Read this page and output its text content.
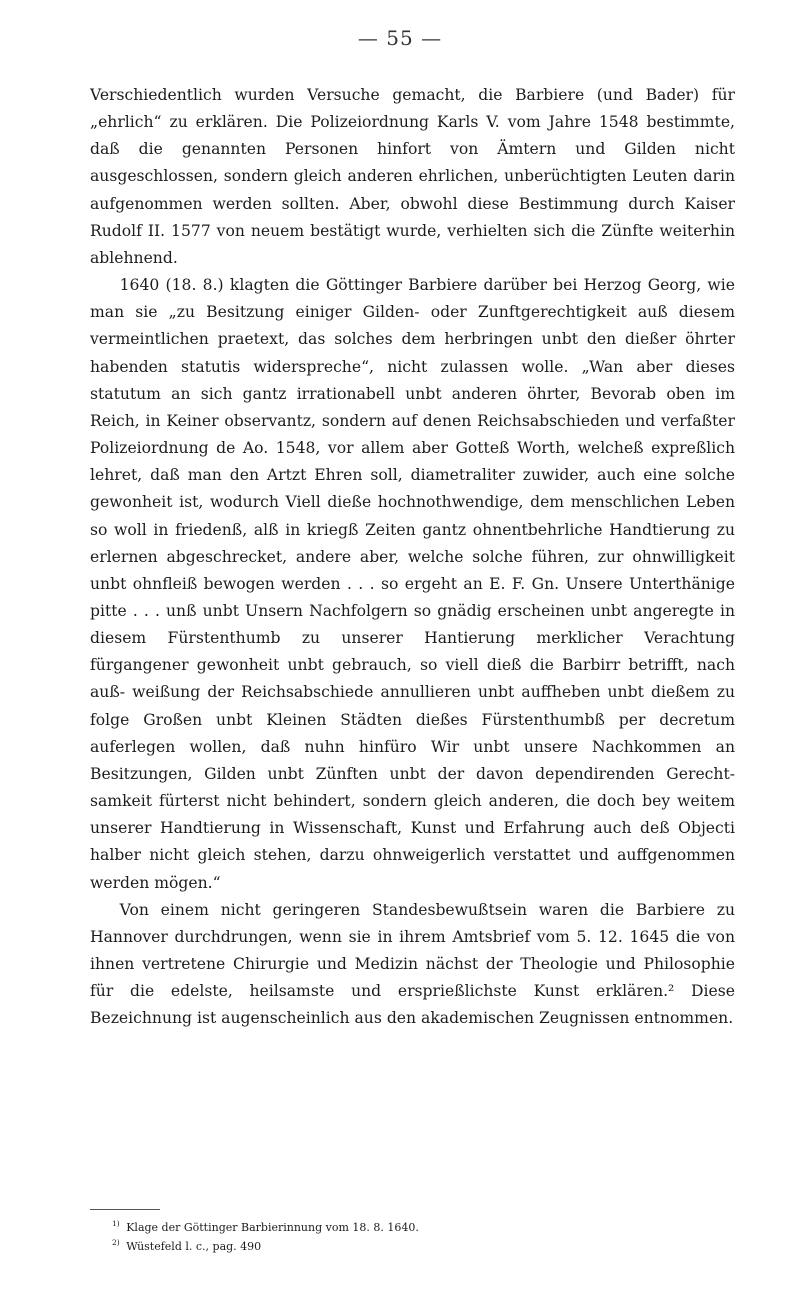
— 55 —

Verschiedentlich wurden Versuche gemacht, die Barbiere (und Bader) für „ehrlich“ zu erklären. Die Polizeiordnung Karls V. vom Jahre 1548 bestimmte, daß die genannten Personen hinfort von Ämtern und Gilden nicht ausgeschlossen, sondern gleich anderen ehrlichen, unberüchtigten Leuten darin aufgenommen werden sollten. Aber, obwohl diese Bestimmung durch Kaiser Rudolf II. 1577 von neuem bestätigt wurde, verhielten sich die Zünfte weiterhin ablehnend.

1640 (18. 8.) klagten die Göttinger Barbiere darüber bei Herzog Georg, wie man sie „zu Besitzung einiger Gilden- oder Zunftgerechtigkeit auß diesem vermeintlichen praetext, das solches dem herbringen unbt den dießer öhrter habenden statutis widerspreche“, nicht zulassen wolle. „Wan aber dieses statutum an sich gantz irrationabell unbt anderen öhrter, Bevorab oben im Reich, in Keiner observantz, sondern auf denen Reichsabschieden und verfaßter Polizeiordnung de Ao. 1548, vor allem aber Gotteß Worth, welcheß expreßlich lehret, daß man den Artzt Ehren soll, diametraliter zuwider, auch eine solche gewonheit ist, wodurch Viell dieße hochnothwendige, dem menschlichen Leben so woll in friedenß, alß in kriegß Zeiten gantz ohnentbehrliche Handtierung zu erlernen abgeschrecket, andere aber, welche solche führen, zur ohnwilligkeit unbt ohnfleiß bewogen werden . . . so ergeht an E. F. Gn. Unsere Unterthänige pitte . . . unß unbt Unsern Nachfolgern so gnädig erscheinen unbt angeregte in diesem Fürstenthumb zu unserer Hantierung merklicher Verachtung fürgangener gewonheit unbt gebrauch, so viell dieß die Barbirr betrifft, nach auß- weißung der Reichsabschiede annullieren unbt auffheben unbt dießem zu folge Großen unbt Kleinen Städten dießes Fürstenthumbß per decretum auferlegen wollen, daß nuhn hinfüro Wir unbt unsere Nachkommen an Besitzungen, Gilden unbt Zünften unbt der davon dependirenden Gerecht- samkeit fürterst nicht behindert, sondern gleich anderen, die doch bey weitem unserer Handtierung in Wissenschaft, Kunst und Erfahrung auch deß Objecti halber nicht gleich stehen, darzu ohnweigerlich verstattet und auffgenommen werden mögen.“

Von einem nicht geringeren Standesbewußtsein waren die Barbiere zu Hannover durchdrungen, wenn sie in ihrem Amtsbrief vom 5. 12. 1645 die von ihnen vertretene Chirurgie und Medizin nächst der Theologie und Philosophie für die edelste, heilsamste und ersprießlichste Kunst erklären.² Diese Bezeichnung ist augenscheinlich aus den akademischen Zeugnissen entnommen.

$^{1)}$ Klage der Göttinger Barbierinnung vom 18. 8. 1640.
$^{2)}$ Wüstefeld l. c., pag. 490
